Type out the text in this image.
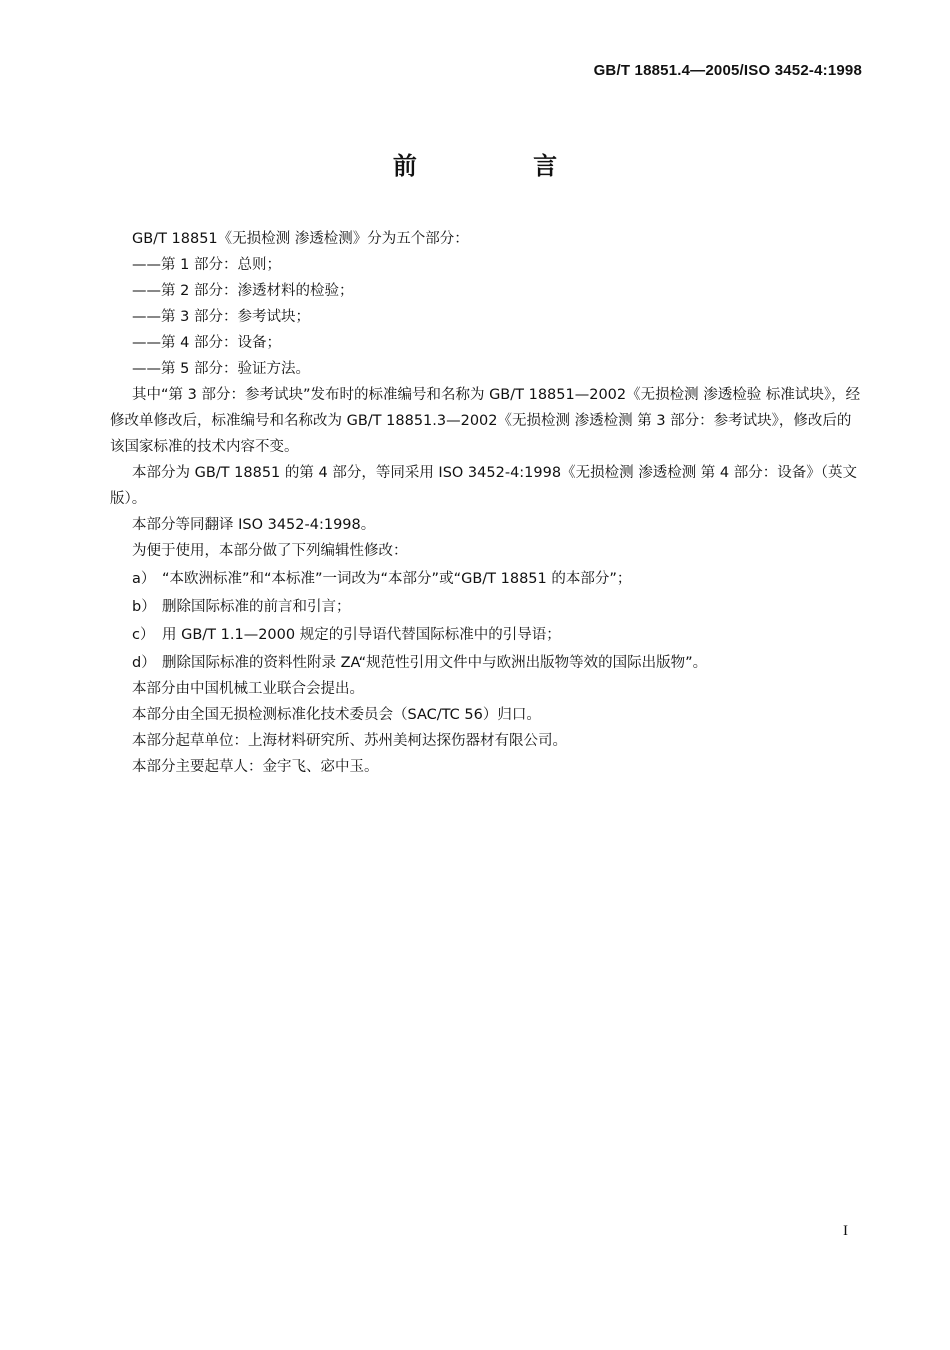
GB/T 18851.4—2005/ISO 3452-4:1998
前 言

GB/T 18851《无损检测 渗透检测》分为五个部分：

——第 1 部分：总则；

——第 2 部分：渗透材料的检验；

——第 3 部分：参考试块；

——第 4 部分：设备；

——第 5 部分：验证方法。

其中“第 3 部分：参考试块”发布时的标准编号和名称为 GB/T 18851—2002《无损检测 渗透检验 标准试块》，经修改单修改后，标准编号和名称改为 GB/T 18851.3—2002《无损检测 渗透检测 第 3 部分：参考试块》，修改后的该国家标准的技术内容不变。

本部分为 GB/T 18851 的第 4 部分，等同采用 ISO 3452-4:1998《无损检测 渗透检测 第 4 部分：设备》（英文版）。

本部分等同翻译 ISO 3452-4:1998。

为便于使用，本部分做了下列编辑性修改：

a） “本欧洲标准”和“本标准”一词改为“本部分”或“GB/T 18851 的本部分”；
b） 删除国际标准的前言和引言；
c） 用 GB/T 1.1—2000 规定的引导语代替国际标准中的引导语；
d） 删除国际标准的资料性附录 ZA“规范性引用文件中与欧洲出版物等效的国际出版物”。

本部分由中国机械工业联合会提出。

本部分由全国无损检测标准化技术委员会（SAC/TC 56）归口。

本部分起草单位：上海材料研究所、苏州美柯达探伤器材有限公司。

本部分主要起草人：金宇飞、宓中玉。

I
